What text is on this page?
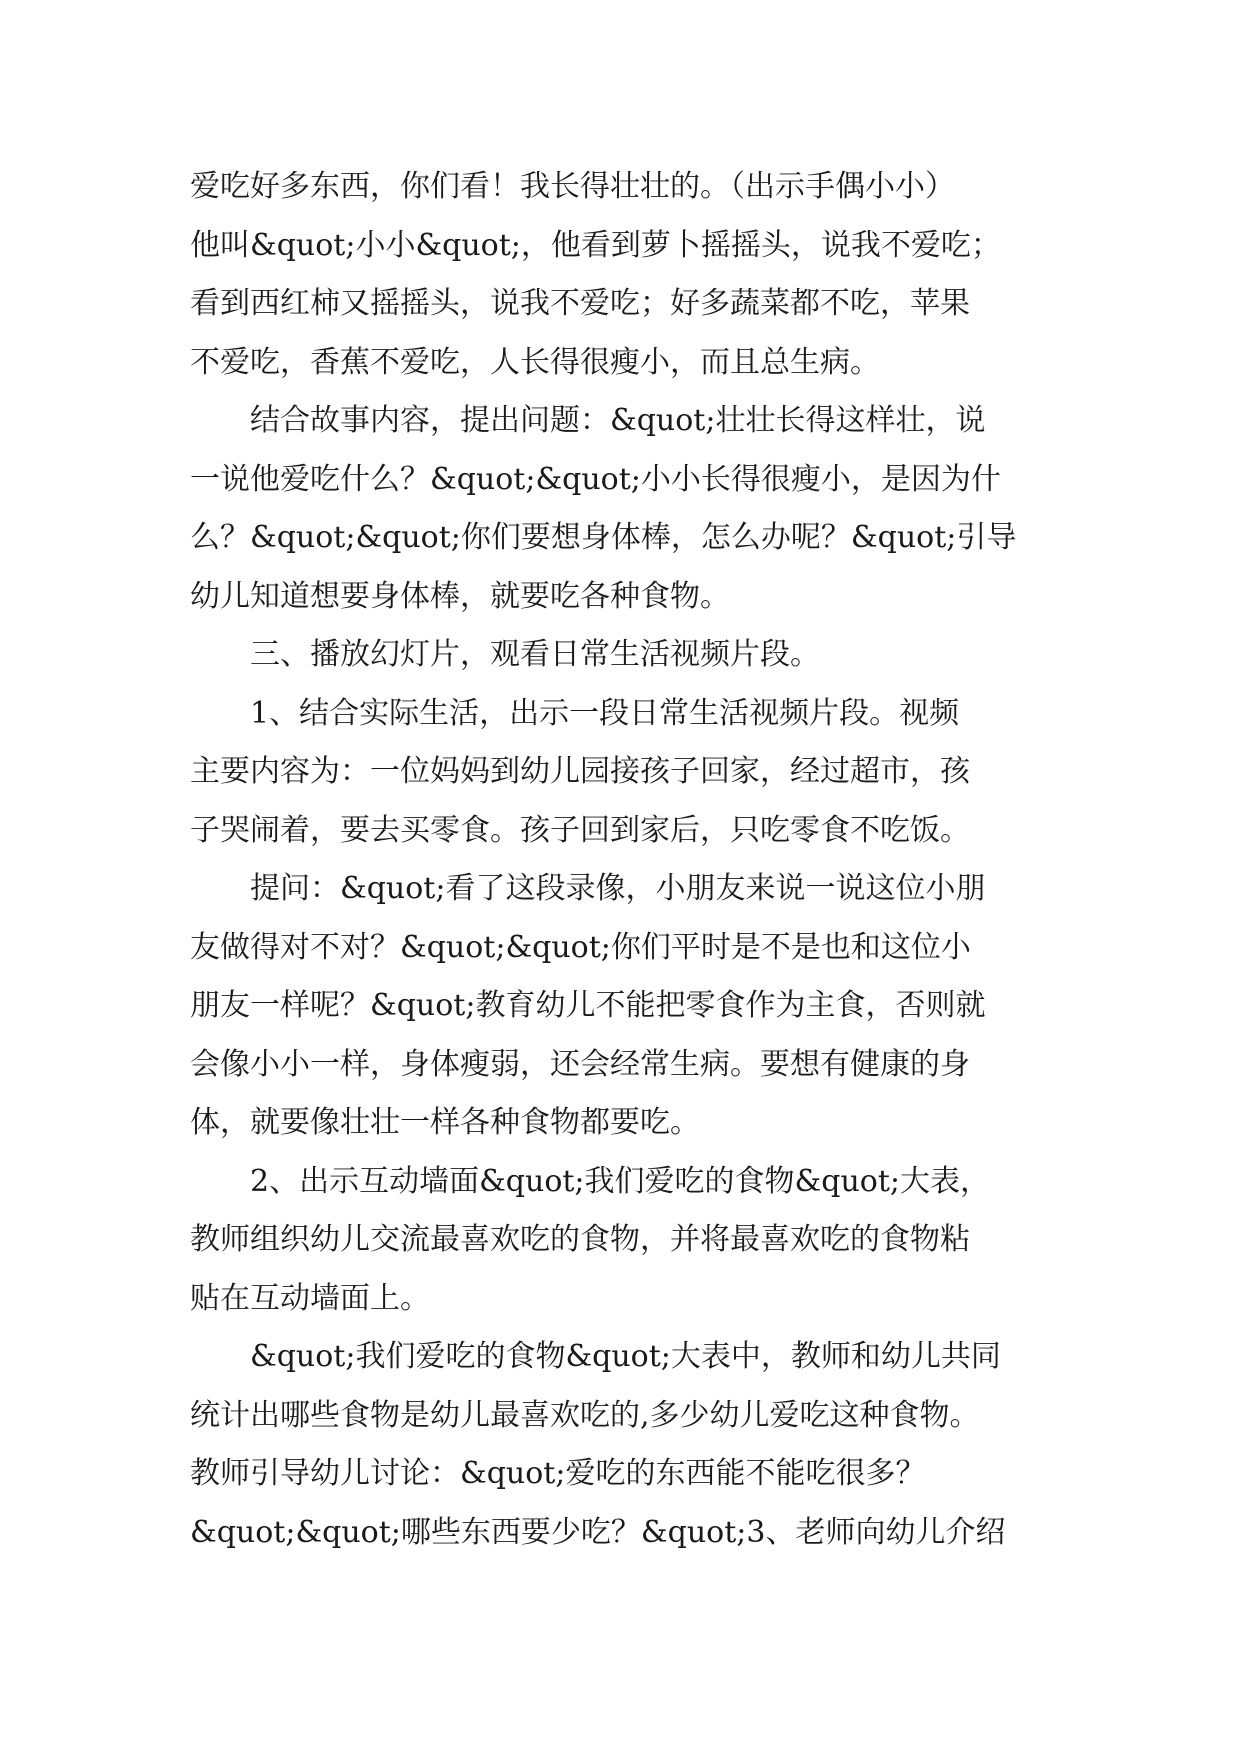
爱吃好多东西，你们看！我长得壮壮的。（出示手偶小小）
他叫&quot;小小&quot;，他看到萝卜摇摇头，说我不爱吃；
看到西红柿又摇摇头，说我不爱吃；好多蔬菜都不吃，苹果
不爱吃，香蕉不爱吃，人长得很瘦小，而且总生病。
　　结合故事内容，提出问题：&quot;壮壮长得这样壮，说
一说他爱吃什么？&quot;&quot;小小长得很瘦小，是因为什
么？&quot;&quot;你们要想身体棒，怎么办呢？&quot;引导
幼儿知道想要身体棒，就要吃各种食物。
　　三、播放幻灯片，观看日常生活视频片段。
　　1、结合实际生活，出示一段日常生活视频片段。视频
主要内容为：一位妈妈到幼儿园接孩子回家，经过超市，孩
子哭闹着，要去买零食。孩子回到家后，只吃零食不吃饭。
　　提问：&quot;看了这段录像，小朋友来说一说这位小朋
友做得对不对？&quot;&quot;你们平时是不是也和这位小
朋友一样呢？&quot;教育幼儿不能把零食作为主食，否则就
会像小小一样，身体瘦弱，还会经常生病。要想有健康的身
体，就要像壮壮一样各种食物都要吃。
　　2、出示互动墙面&quot;我们爱吃的食物&quot;大表，
教师组织幼儿交流最喜欢吃的食物，并将最喜欢吃的食物粘
贴在互动墙面上。
　　&quot;我们爱吃的食物&quot;大表中，教师和幼儿共同
统计出哪些食物是幼儿最喜欢吃的,多少幼儿爱吃这种食物。
教师引导幼儿讨论：&quot;爱吃的东西能不能吃很多？
&quot;&quot;哪些东西要少吃？&quot;3、老师向幼儿介绍
